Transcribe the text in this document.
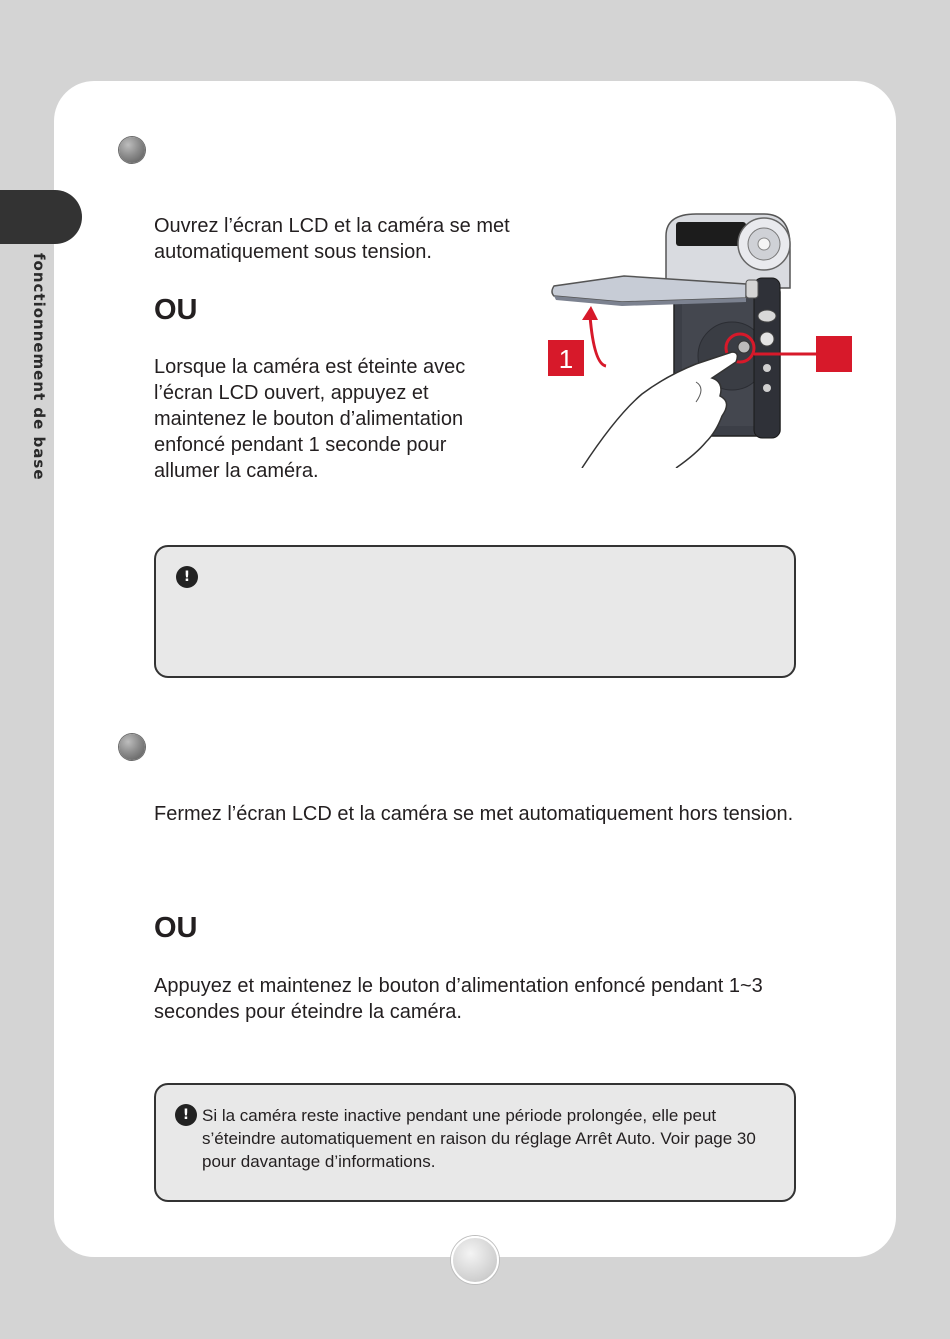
fonctionnement de base
Ouvrez l’écran LCD et la caméra se met automatiquement sous tension.
OU
Lorsque la caméra est éteinte avec l’écran LCD ouvert, appuyez et maintenez le bouton d’alimentation enfoncé pendant 1 seconde pour allumer la caméra.
1
!
Fermez l’écran LCD et la caméra se met automatiquement hors tension.
OU
Appuyez et maintenez le bouton d’alimentation enfoncé pendant 1~3 secondes pour éteindre la caméra.
! Si la caméra reste inactive pendant une période prolongée, elle peut s’éteindre automatiquement en raison du réglage Arrêt Auto. Voir page 30 pour davantage d’informations.
